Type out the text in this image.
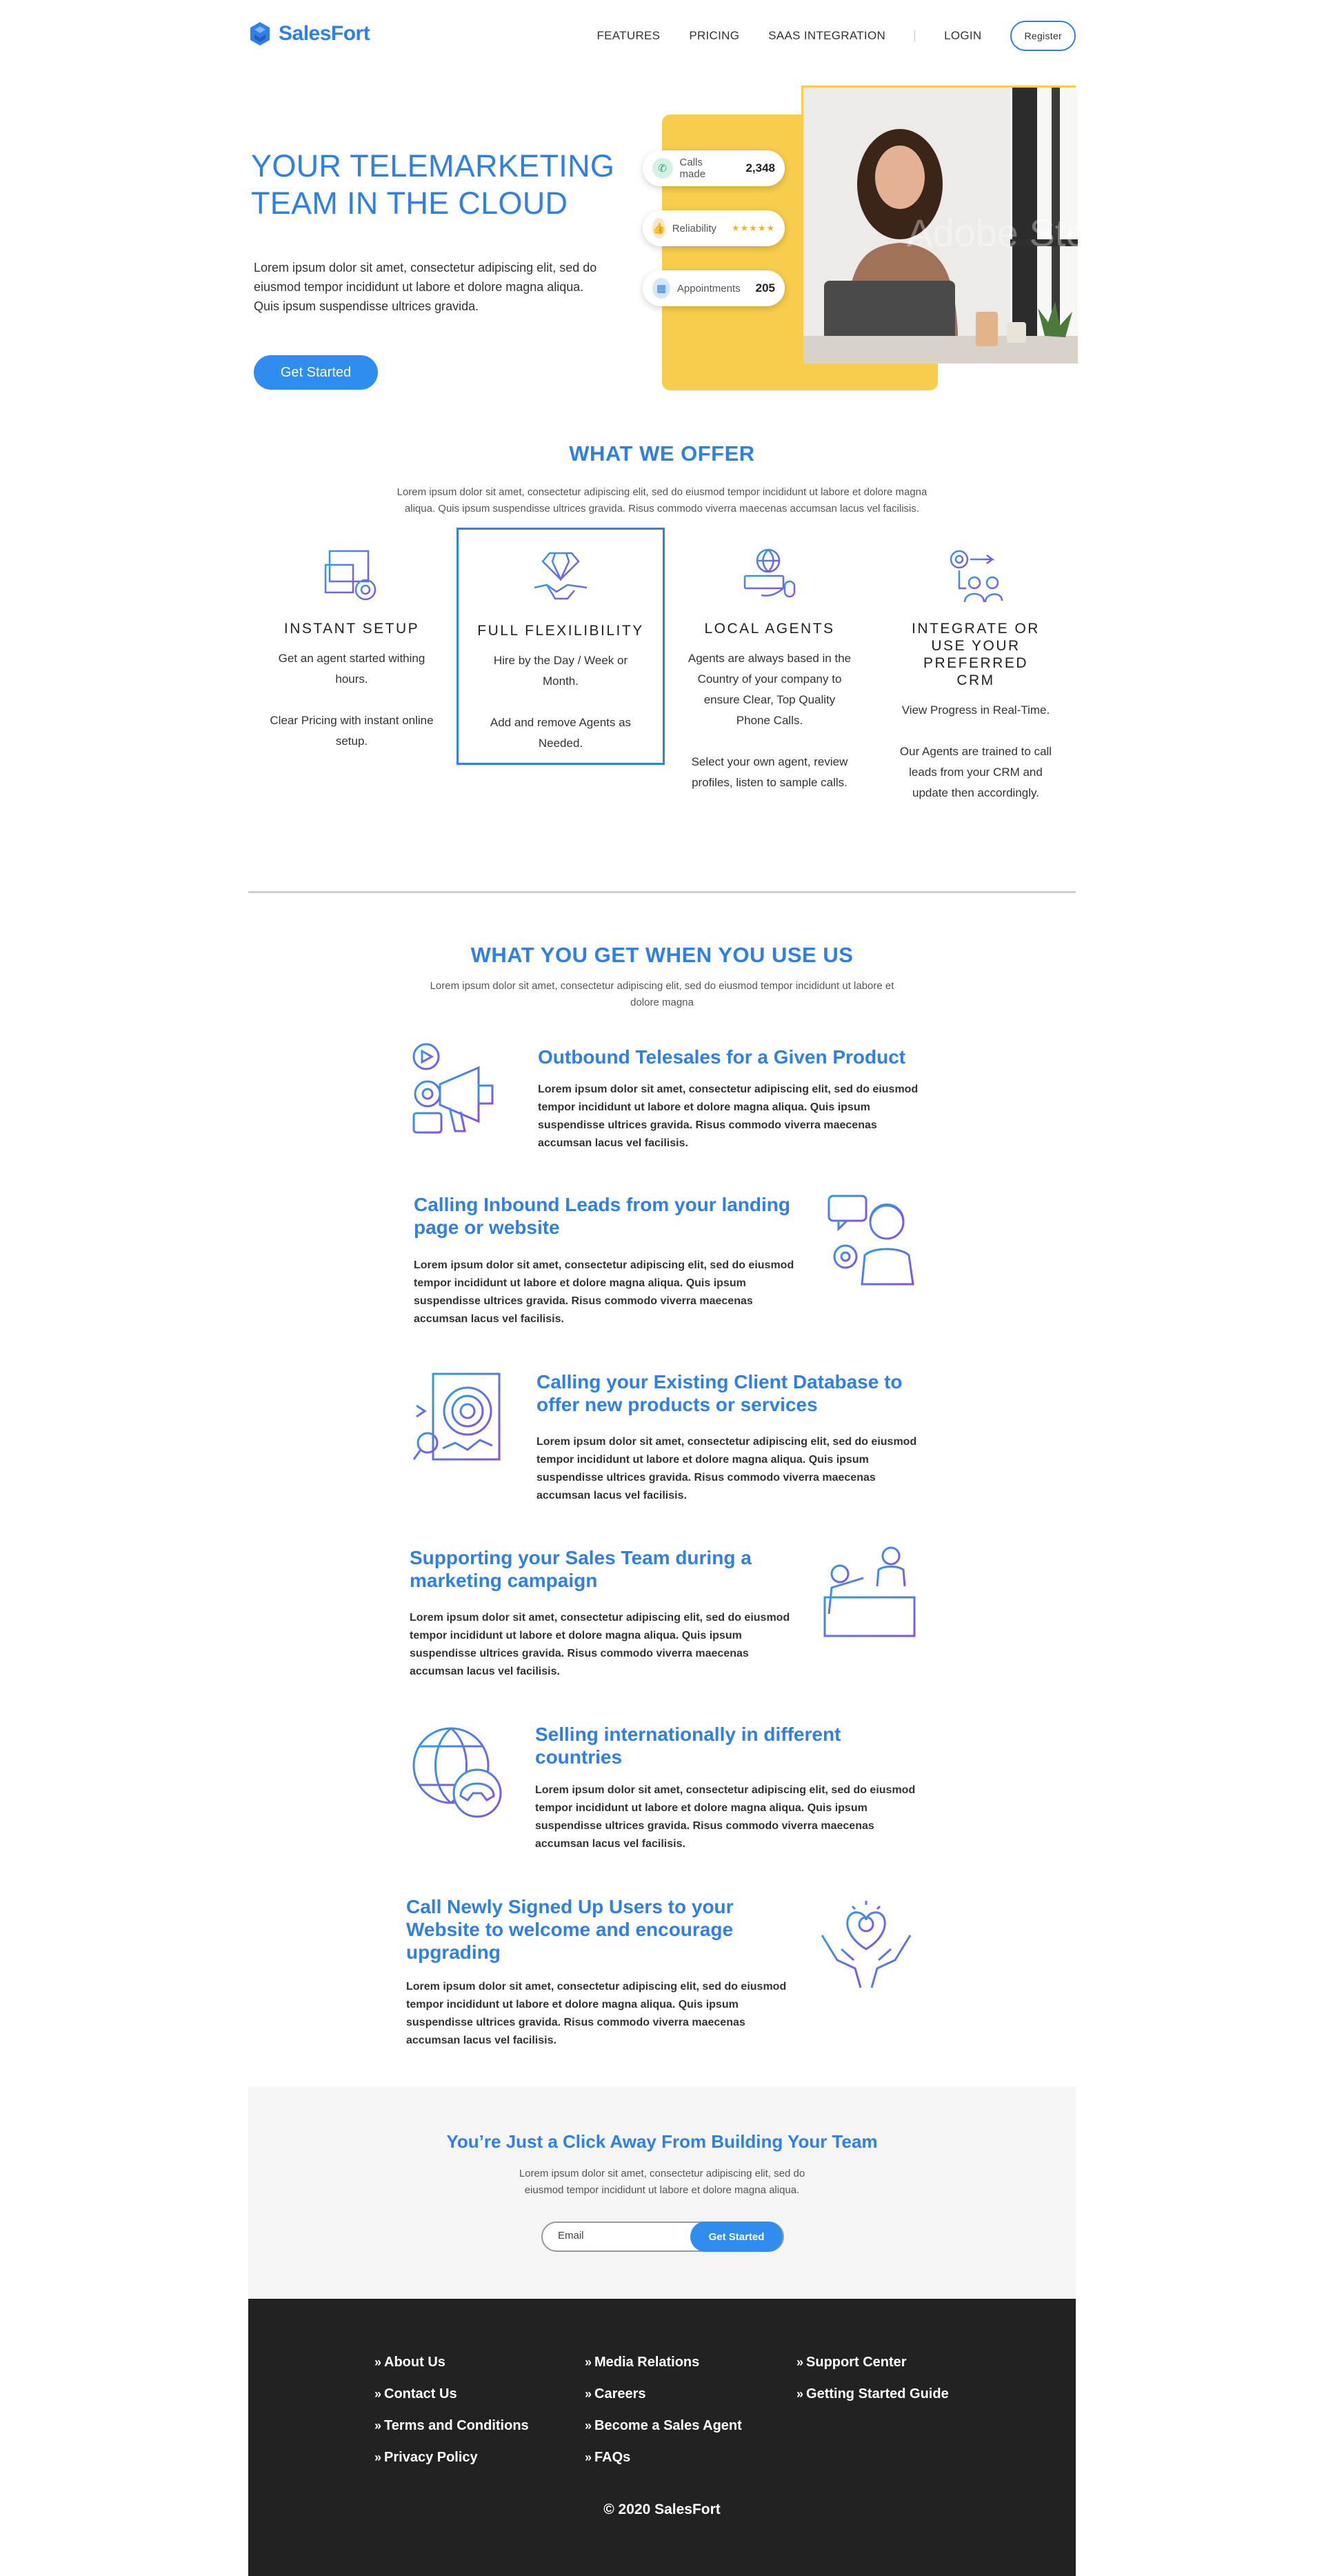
SalesFort	FEATURES PRICING SAAS INTEGRATION	LOGIN	Register
YOUR TELEMARKETING
TEAM IN THE CLOUD

Lorem ipsum dolor sit amet, consectetur adipiscing elit, sed do eiusmod tempor incididunt ut labore et dolore magna aliqua. Quis ipsum suspendisse ultrices gravida.

Get Started
Adobe Stock
✆
Calls made	2,348
👍 Reliability ★★★★★
▦	Appointments 205
WHAT WE OFFER

Lorem ipsum dolor sit amet, consectetur adipiscing elit, sed do eiusmod tempor incididunt ut labore et dolore magna aliqua. Quis ipsum suspendisse ultrices gravida. Risus commodo viverra maecenas accumsan lacus vel facilisis.

INSTANT SETUP
Get an agent started withing hours.

Clear Pricing with instant online setup.
FULL FLEXILIBILITY
Hire by the Day / Week or Month.

Add and remove Agents as Needed.
LOCAL AGENTS
Agents are always based in the Country of your company to ensure Clear, Top Quality Phone Calls.

Select your own agent, review profiles, listen to sample calls.
INTEGRATE OR USE YOUR PREFERRED CRM
View Progress in Real-Time.

Our Agents are trained to call leads from your CRM and update then accordingly.
WHAT YOU GET WHEN YOU USE US

Lorem ipsum dolor sit amet, consectetur adipiscing elit, sed do eiusmod tempor incididunt ut labore et dolore magna

Outbound Telesales for a Given Product

Lorem ipsum dolor sit amet, consectetur adipiscing elit, sed do eiusmod tempor incididunt ut labore et dolore magna aliqua. Quis ipsum suspendisse ultrices gravida. Risus commodo viverra maecenas accumsan lacus vel facilisis.

Calling Inbound Leads from your landing page or website

Lorem ipsum dolor sit amet, consectetur adipiscing elit, sed do eiusmod tempor incididunt ut labore et dolore magna aliqua. Quis ipsum suspendisse ultrices gravida. Risus commodo viverra maecenas accumsan lacus vel facilisis.

Calling your Existing Client Database to offer new products or services

Lorem ipsum dolor sit amet, consectetur adipiscing elit, sed do eiusmod tempor incididunt ut labore et dolore magna aliqua. Quis ipsum suspendisse ultrices gravida. Risus commodo viverra maecenas accumsan lacus vel facilisis.

Supporting your Sales Team during a marketing campaign

Lorem ipsum dolor sit amet, consectetur adipiscing elit, sed do eiusmod tempor incididunt ut labore et dolore magna aliqua. Quis ipsum suspendisse ultrices gravida. Risus commodo viverra maecenas accumsan lacus vel facilisis.

Selling internationally in different countries

Lorem ipsum dolor sit amet, consectetur adipiscing elit, sed do eiusmod tempor incididunt ut labore et dolore magna aliqua. Quis ipsum suspendisse ultrices gravida. Risus commodo viverra maecenas accumsan lacus vel facilisis.

Call Newly Signed Up Users to your Website to welcome and encourage upgrading

Lorem ipsum dolor sit amet, consectetur adipiscing elit, sed do eiusmod tempor incididunt ut labore et dolore magna aliqua. Quis ipsum suspendisse ultrices gravida. Risus commodo viverra maecenas accumsan lacus vel facilisis.

You’re Just a Click Away From Building Your Team

Lorem ipsum dolor sit amet, consectetur adipiscing elit, sed do
eiusmod tempor incididunt ut labore et dolore magna aliqua.

Email
Get Started
» About Us
» Contact Us
» Terms and Conditions
» Privacy Policy
» Media Relations
» Careers
» Become a Sales Agent
» FAQs
» Support Center
» Getting Started Guide
© 2020 SalesFort
